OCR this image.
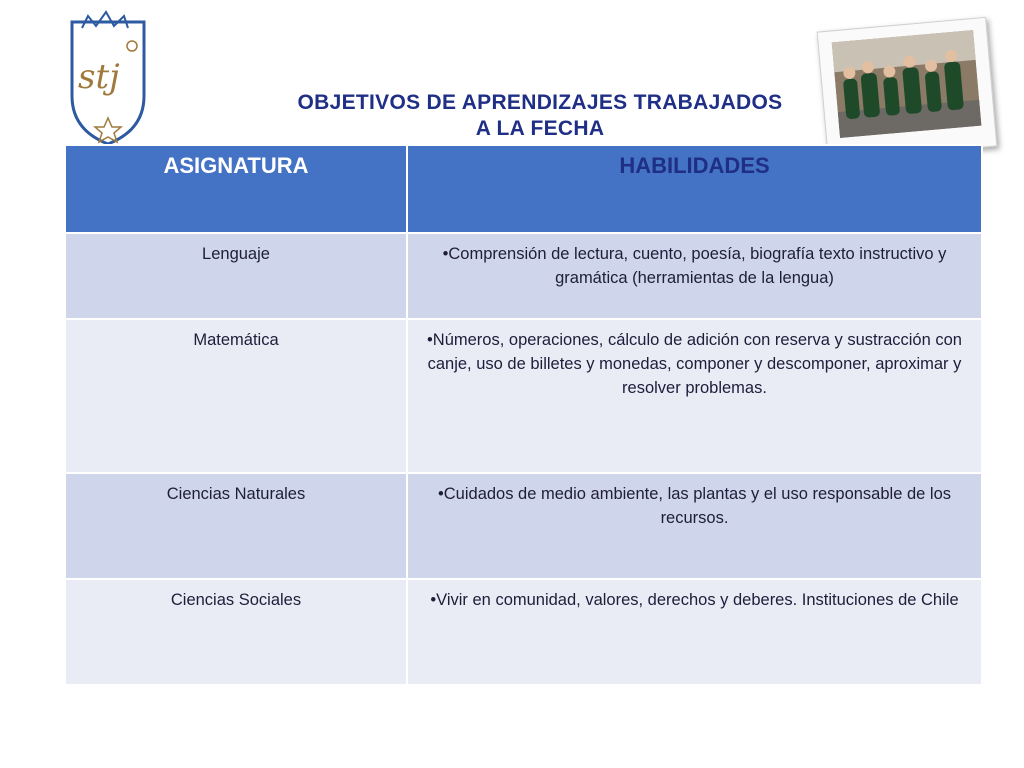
stj
OBJETIVOS DE APRENDIZAJES TRABAJADOS
A LA FECHA
ASIGNATURA	HABILIDADES
Lenguaje	•Comprensión de lectura, cuento, poesía, biografía texto instructivo y gramática (herramientas de la lengua)
Matemática	•Números, operaciones, cálculo de adición con reserva y sustracción con canje, uso de billetes y monedas, componer y descomponer, aproximar y resolver problemas.
Ciencias Naturales	•Cuidados de medio ambiente, las plantas y el uso responsable de los recursos.
Ciencias Sociales	•Vivir en comunidad, valores, derechos y deberes. Instituciones de Chile
